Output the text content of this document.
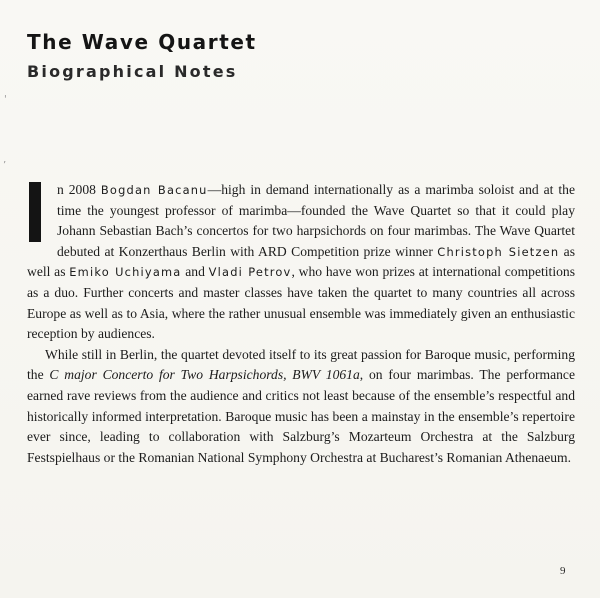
The Wave Quartet
Biographical Notes
'
’

n 2008 Bogdan Bacanu—high in demand internationally as a marimba soloist and at the time the youngest professor of marimba—founded the Wave Quartet so that it could play Johann Sebastian Bach’s concertos for two harpsichords on four marimbas. The Wave Quartet debuted at Konzerthaus Berlin with ARD Competition prize winner Christoph Sietzen as well as Emiko Uchiyama and Vladi Petrov, who have won prizes at international competitions as a duo. Further concerts and master classes have taken the quartet to many countries all across Europe as well as to Asia, where the rather unusual ensemble was immediately given an enthusiastic reception by audiences.

While still in Berlin, the quartet devoted itself to its great passion for Baroque music, performing the C major Concerto for Two Harpsichords, BWV 1061a, on four marimbas. The performance earned rave reviews from the audience and critics not least because of the ensemble’s respectful and historically informed interpretation. Baroque music has been a mainstay in the ensemble’s repertoire ever since, leading to collaboration with Salzburg’s Mozarteum Orchestra at the Salzburg Festspielhaus or the Romanian National Symphony Orchestra at Bucharest’s Romanian Athenaeum.

9
